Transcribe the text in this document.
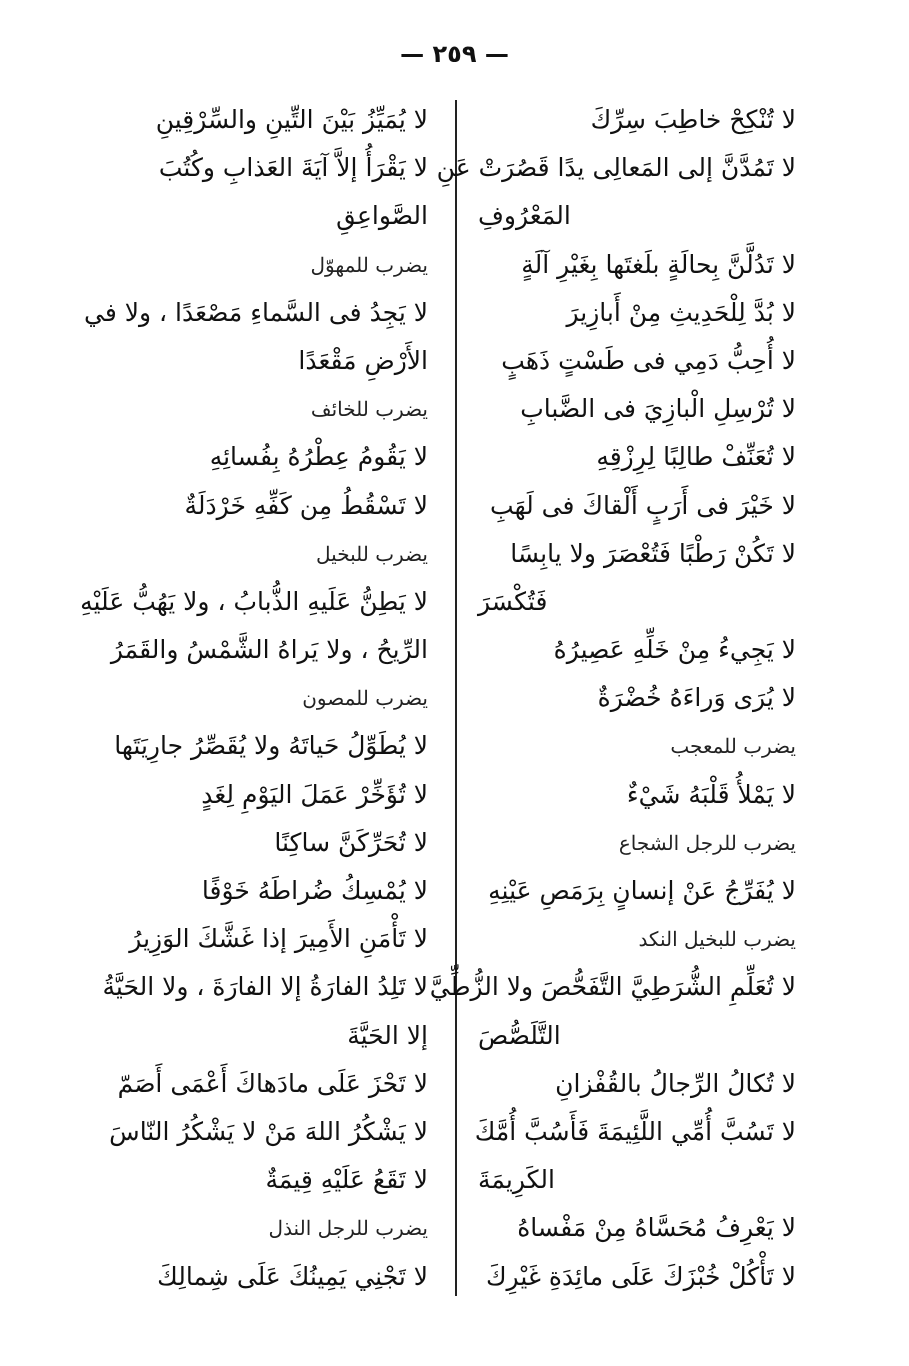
— ٢٥٩ —
لا تُنْكِحْ خاطِبَ سِرِّكَ
لا تَمُدَّنَّ إلى المَعالِى يدًا قَصُرَتْ عَنِ
المَعْرُوفِ
لا تَدُلَّنَّ بِحالَةٍ بلَغتَها بِغَيْرِ آلَةٍ
لا بُدَّ لِلْحَدِيثِ مِنْ أَبازِيرَ
لا أُحِبُّ دَمِي فى طَسْتٍ ذَهَبٍ
لا تُرْسِلِ الْبازِيَ فى الضَّبابِ
لا تُعَنِّفْ طالِبًا لِرِزْقِهِ
لا خَيْرَ فى أَرَبٍ أَلْقاكَ فى لَهَبِ
لا تَكُنْ رَطْبًا فَتُعْصَرَ ولا يابِسًا
فَتُكْسَرَ
لا يَجِيءُ مِنْ خَلِّهِ عَصِيرُهُ
لا يُرَى وَراءَهُ خُضْرَةٌ
يضرب للمعجب
لا يَمْلأُ قَلْبَهُ شَيْءٌ
يضرب للرجل الشجاع
لا يُفَرِّجُ عَنْ إنسانٍ بِرَمَصِ عَيْنِهِ
يضرب للبخيل النكد
لا تُعَلِّمِ الشُّرَطِيَّ التَّفَحُّصَ ولا الزُّطِّيَّ
التَّلَصُّصَ
لا تُكالُ الرِّجالُ بالقُفْزانِ
لا تَسُبَّ أُمِّي اللَّئِيمَةَ فَأَسُبَّ أُمَّكَ
الكَرِيمَةَ
لا يَعْرِفُ مُحَسَّاهُ مِنْ مَفْساهُ
لا تَأْكُلْ خُبْزَكَ عَلَى مائِدَةِ غَيْرِكَ
لا يُمَيِّزُ بَيْنَ التِّينِ والسِّرْقِينِ
لا يَقْرَأُ إلاَّ آيَةَ العَذابِ وكُتُبَ
الصَّواعِقِ
يضرب للمهوّل
لا يَجِدُ فى السَّماءِ مَصْعَدًا ، ولا في
الأَرْضِ مَقْعَدًا
يضرب للخائف
لا يَقُومُ عِطْرُهُ بِفُسائِهِ
لا تَسْقُطُ مِن كَفِّهِ خَرْدَلَةٌ
يضرب للبخيل
لا يَطِنُّ عَلَيهِ الذُّبابُ ، ولا يَهُبُّ عَلَيْهِ
الرِّيحُ ، ولا يَراهُ الشَّمْسُ والقَمَرُ
يضرب للمصون
لا يُطَوِّلُ حَياتَهُ ولا يُقَصِّرُ جارِيَتَها
لا تُؤَخِّرْ عَمَلَ اليَوْمِ لِغَدٍ
لا تُحَرِّكَنَّ ساكِنًا
لا يُمْسِكُ ضُراطَهُ خَوْفًا
لا تَأْمَنِ الأَمِيرَ إذا غَشَّكَ الوَزِيرُ
لا تَلِدُ الفارَةُ إلا الفارَةَ ، ولا الحَيَّةُ
إلا الحَيَّةَ
لا تَحْزَ عَلَى مادَهاكَ أَعْمَى أَصَمّ
لا يَشْكُرُ اللهَ مَنْ لا يَشْكُرُ النّاسَ
لا تَقَعُ عَلَيْهِ قِيمَةٌ
يضرب للرجل النذل
لا تَجْنِي يَمِينُكَ عَلَى شِمالِكَ
